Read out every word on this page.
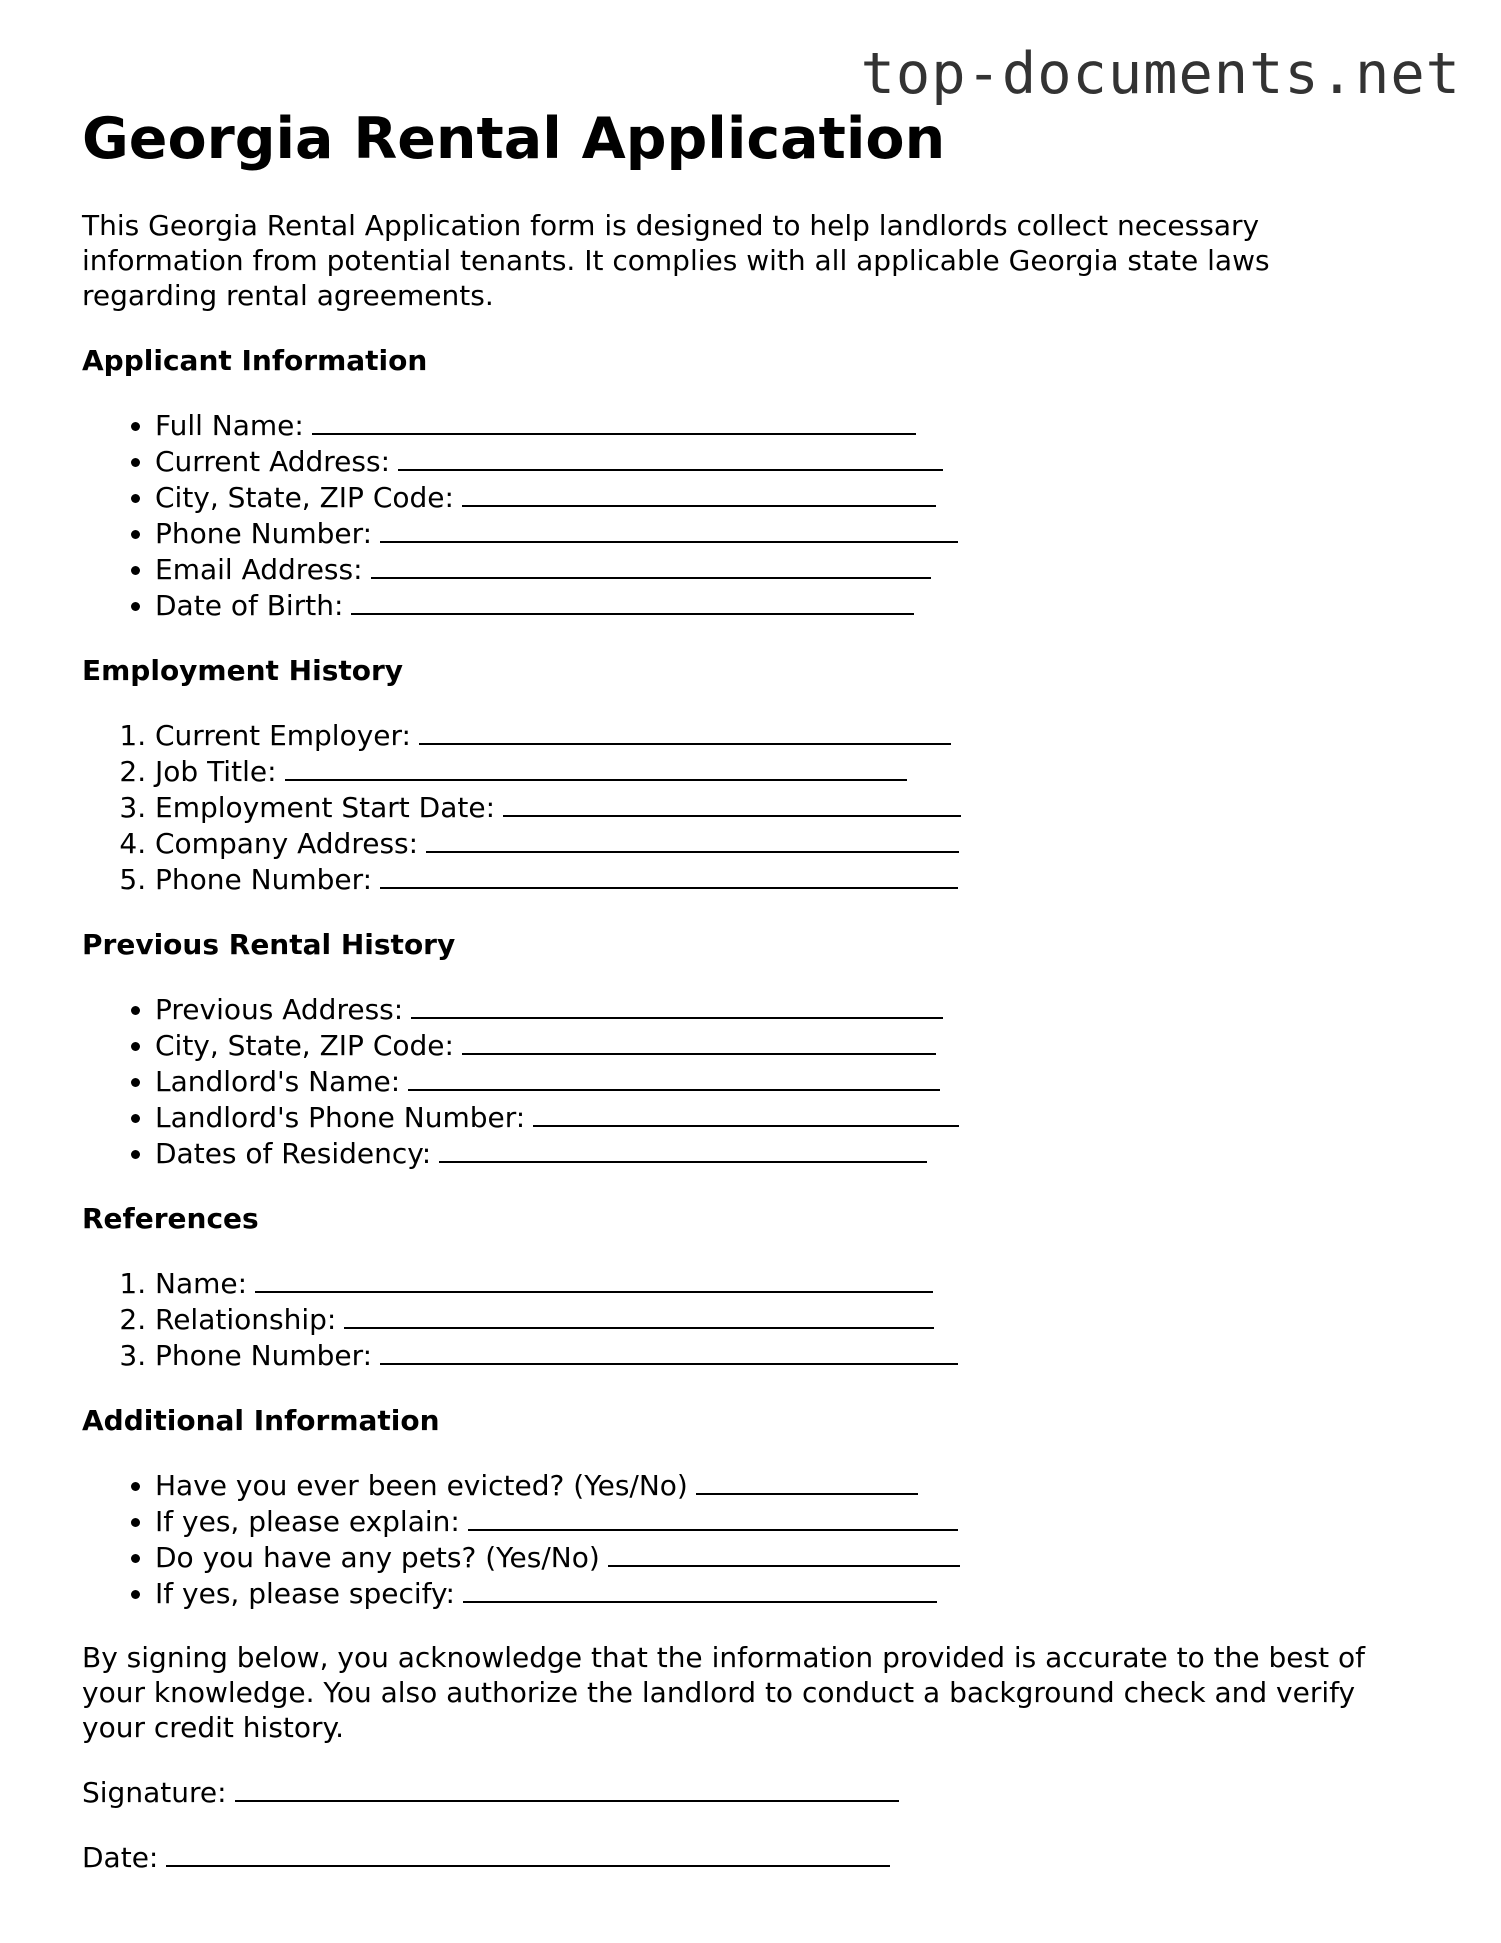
top-documents.net
Georgia Rental Application

This Georgia Rental Application form is designed to help landlords collect necessary information from potential tenants. It complies with all applicable Georgia state laws regarding rental agreements.

Applicant Information
• Full Name:
• Current Address:
• City, State, ZIP Code:
• Phone Number:
• Email Address:
• Date of Birth:
Employment History
1. Current Employer:
2. Job Title:
3. Employment Start Date:
4. Company Address:
5. Phone Number:
Previous Rental History
• Previous Address:
• City, State, ZIP Code:
• Landlord's Name:
• Landlord's Phone Number:
• Dates of Residency:
References
1. Name:
2. Relationship:
3. Phone Number:
Additional Information
• Have you ever been evicted? (Yes/No)
• If yes, please explain:
• Do you have any pets? (Yes/No)
• If yes, please specify:

By signing below, you acknowledge that the information provided is accurate to the best of your knowledge. You also authorize the landlord to conduct a background check and verify your credit history.

Signature:

Date:
